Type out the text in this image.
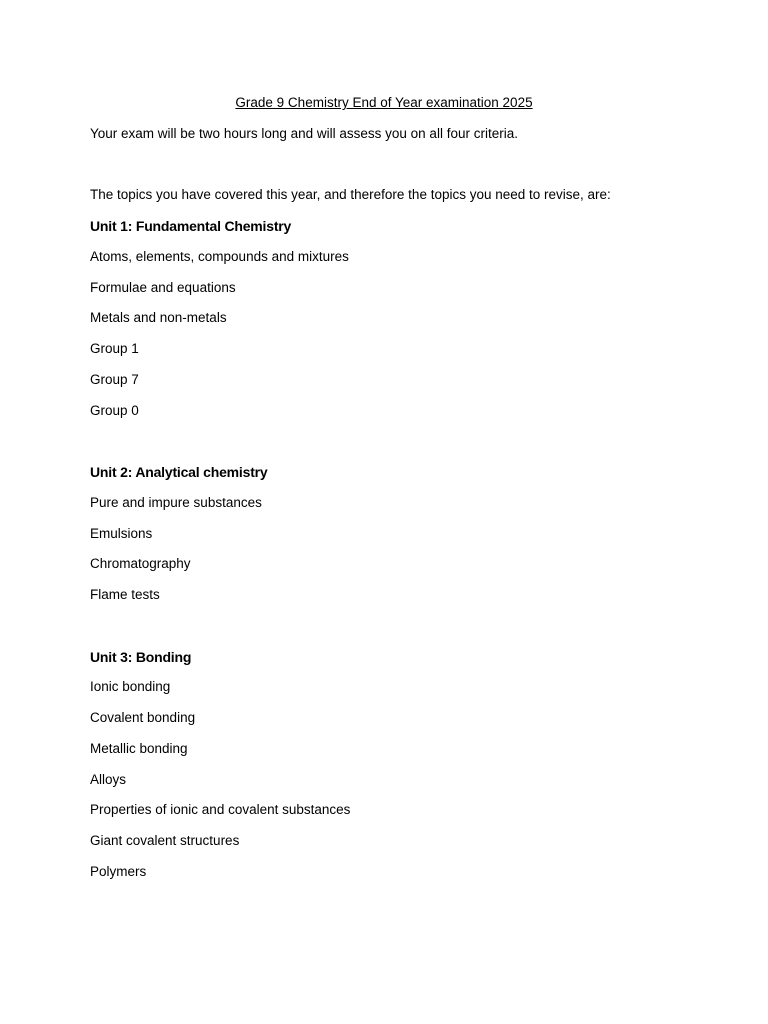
Grade 9 Chemistry End of Year examination 2025
Your exam will be two hours long and will assess you on all four criteria.
The topics you have covered this year, and therefore the topics you need to revise, are:
Unit 1: Fundamental Chemistry
Atoms, elements, compounds and mixtures
Formulae and equations
Metals and non-metals
Group 1
Group 7
Group 0
Unit 2: Analytical chemistry
Pure and impure substances
Emulsions
Chromatography
Flame tests
Unit 3: Bonding
Ionic bonding
Covalent bonding
Metallic bonding
Alloys
Properties of ionic and covalent substances
Giant covalent structures
Polymers
